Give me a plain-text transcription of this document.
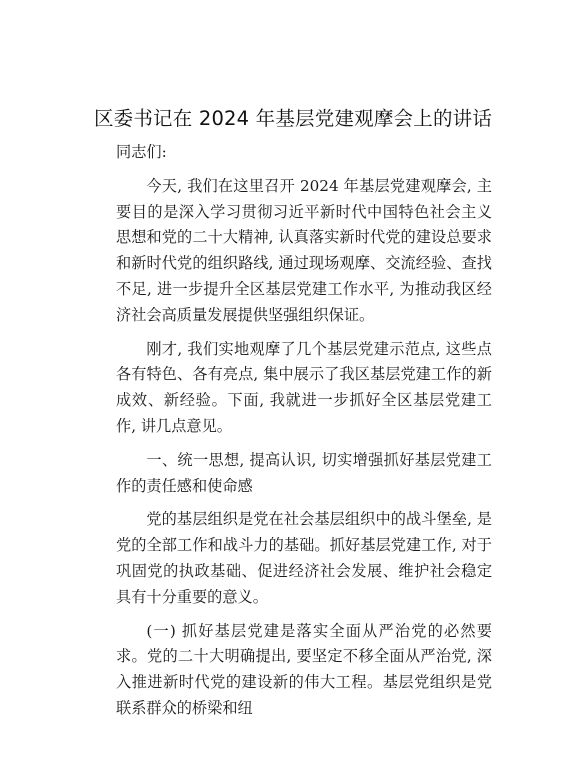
区委书记在 2024 年基层党建观摩会上的讲话

同志们:

今天, 我们在这里召开 2024 年基层党建观摩会, 主要目的是深入学习贯彻习近平新时代中国特色社会主义思想和党的二十大精神, 认真落实新时代党的建设总要求和新时代党的组织路线, 通过现场观摩、交流经验、查找不足, 进一步提升全区基层党建工作水平, 为推动我区经济社会高质量发展提供坚强组织保证。

刚才, 我们实地观摩了几个基层党建示范点, 这些点各有特色、各有亮点, 集中展示了我区基层党建工作的新成效、新经验。下面, 我就进一步抓好全区基层党建工作, 讲几点意见。

一、统一思想, 提高认识, 切实增强抓好基层党建工作的责任感和使命感

党的基层组织是党在社会基层组织中的战斗堡垒, 是党的全部工作和战斗力的基础。抓好基层党建工作, 对于巩固党的执政基础、促进经济社会发展、维护社会稳定具有十分重要的意义。

(一) 抓好基层党建是落实全面从严治党的必然要求。党的二十大明确提出, 要坚定不移全面从严治党, 深入推进新时代党的建设新的伟大工程。基层党组织是党联系群众的桥梁和纽
